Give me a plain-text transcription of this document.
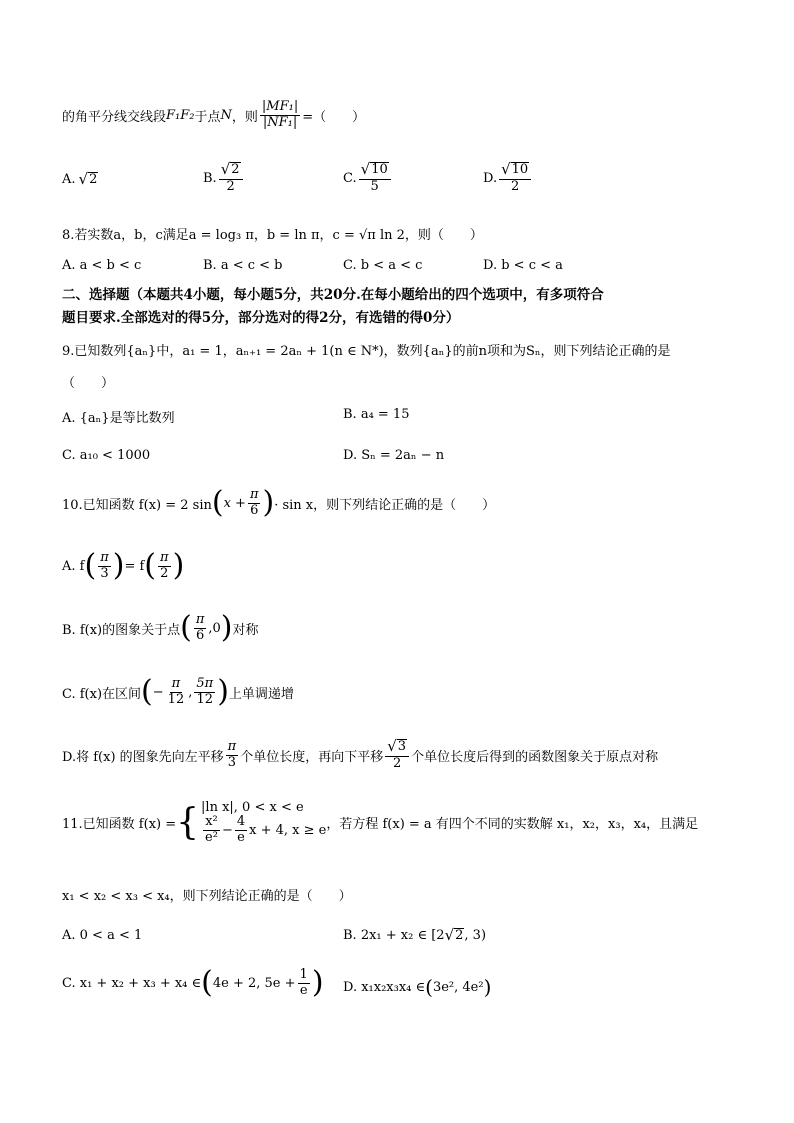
的角平分线交线段 F₁F₂ 于点 N ，则 $\frac{\text{|MF₁|}}{\text{|NF₁|}}$ =（　　）
A. √ 2	B. $\frac{√ 2}{2}$	C. $\frac{√ 10}{5}$	D. $\frac{√ 10}{2}$
8.若实数a，b，c满足a = log₃ π，b = ln π，c = √π ln 2，则（　　）
A. a < b < c	B. a < c < b	C. b < a < c	D. b < c < a
二、选择题（本题共4小题，每小题5分，共20分.在每小题给出的四个选项中，有多项符合
题目要求.全部选对的得5分，部分选对的得2分，有选错的得0分）
9.已知数列{aₙ}中，a₁ = 1，aₙ₊₁ = 2aₙ + 1(n ∈ N*)，数列{aₙ}的前n项和为Sₙ，则下列结论正确的是
（　　）
A. {aₙ}是等比数列	B. a₄ = 15
C. a₁₀ < 1000	D. Sₙ = 2aₙ − n
10.已知函数 f(x) = 2 sin ( $x + \frac{\pi}{6}$ ) · sin x，则下列结论正确的是（　　）
A. f ( $\frac{\pi}{3}$ ) = f ( $\frac{\pi}{2}$ )
B. f(x)的图象关于点 ( $\frac{\pi}{6} ,0$ ) 对称
C. f(x)在区间 ( − $\frac{\pi}{12}$ , $\frac{5\pi}{12}$ ) 上单调递增
D.将 f(x) 的图象先向左平移 $\frac{\pi}{3}$ 个单位长度，再向下平移 $\frac{√ 3}{2}$ 个单位长度后得到的函数图象关于原点对称
11.已知函数 f(x) = { |ln x|, 0 < x < e
$\frac{\text{x²}}{\text{e²}} - \frac{4}{e}$ x + 4, x ≥ e ，若方程 f(x) = a 有四个不同的实数解 x₁，x₂，x₃，x₄，且满足
x₁ < x₂ < x₃ < x₄，则下列结论正确的是（　　）
A. 0 < a < 1	B. 2x₁ + x₂ ∈ [2 √ 2 , 3)
C. x₁ + x₂ + x₃ + x₄ ∈ ( 4e + 2, $5e + \frac{1}{e}$ ) D. x₁x₂x₃x₄ ∈ ( 3e², 4e² )
